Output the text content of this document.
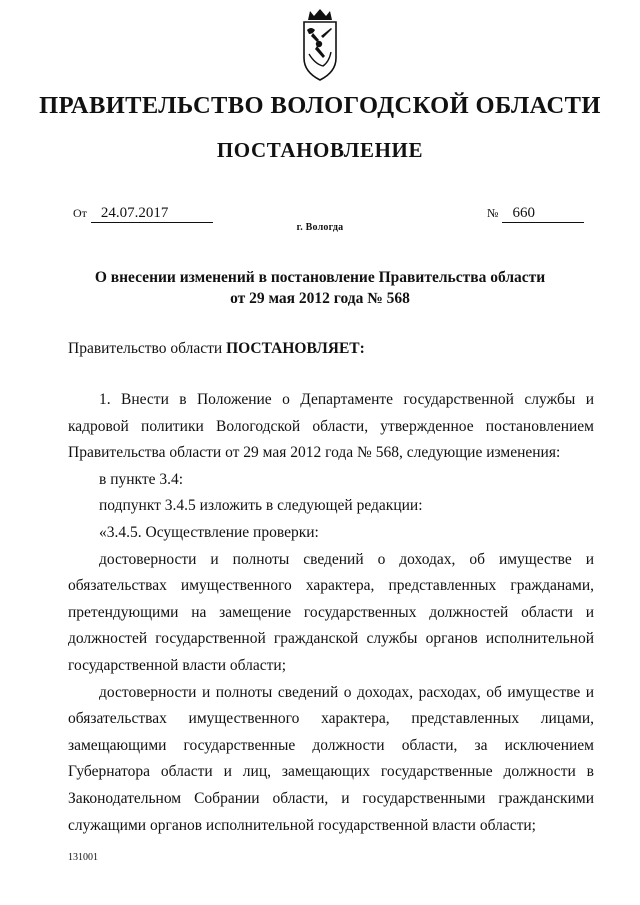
ПРАВИТЕЛЬСТВО ВОЛОГОДСКОЙ ОБЛАСТИ
ПОСТАНОВЛЕНИЕ
От 24.07.2017	№ 660
г. Вологда
О внесении изменений в постановление Правительства области
от 29 мая 2012 года № 568
Правительство области ПОСТАНОВЛЯЕТ:

1. Внести в Положение о Департаменте государственной службы и кадровой политики Вологодской области, утвержденное постановлением Правительства области от 29 мая 2012 года № 568, следующие изменения:

в пункте 3.4:

подпункт 3.4.5 изложить в следующей редакции:

«3.4.5. Осуществление проверки:

достоверности и полноты сведений о доходах, об имуществе и обязательствах имущественного характера, представленных гражданами, претендующими на замещение государственных должностей области и должностей государственной гражданской службы органов исполнительной государственной власти области;

достоверности и полноты сведений о доходах, расходах, об имуществе и обязательствах имущественного характера, представленных лицами, замещающими государственные должности области, за исключением Губернатора области и лиц, замещающих государственные должности в Законодательном Собрании области, и государственными гражданскими служащими органов исполнительной государственной власти области;

131001
